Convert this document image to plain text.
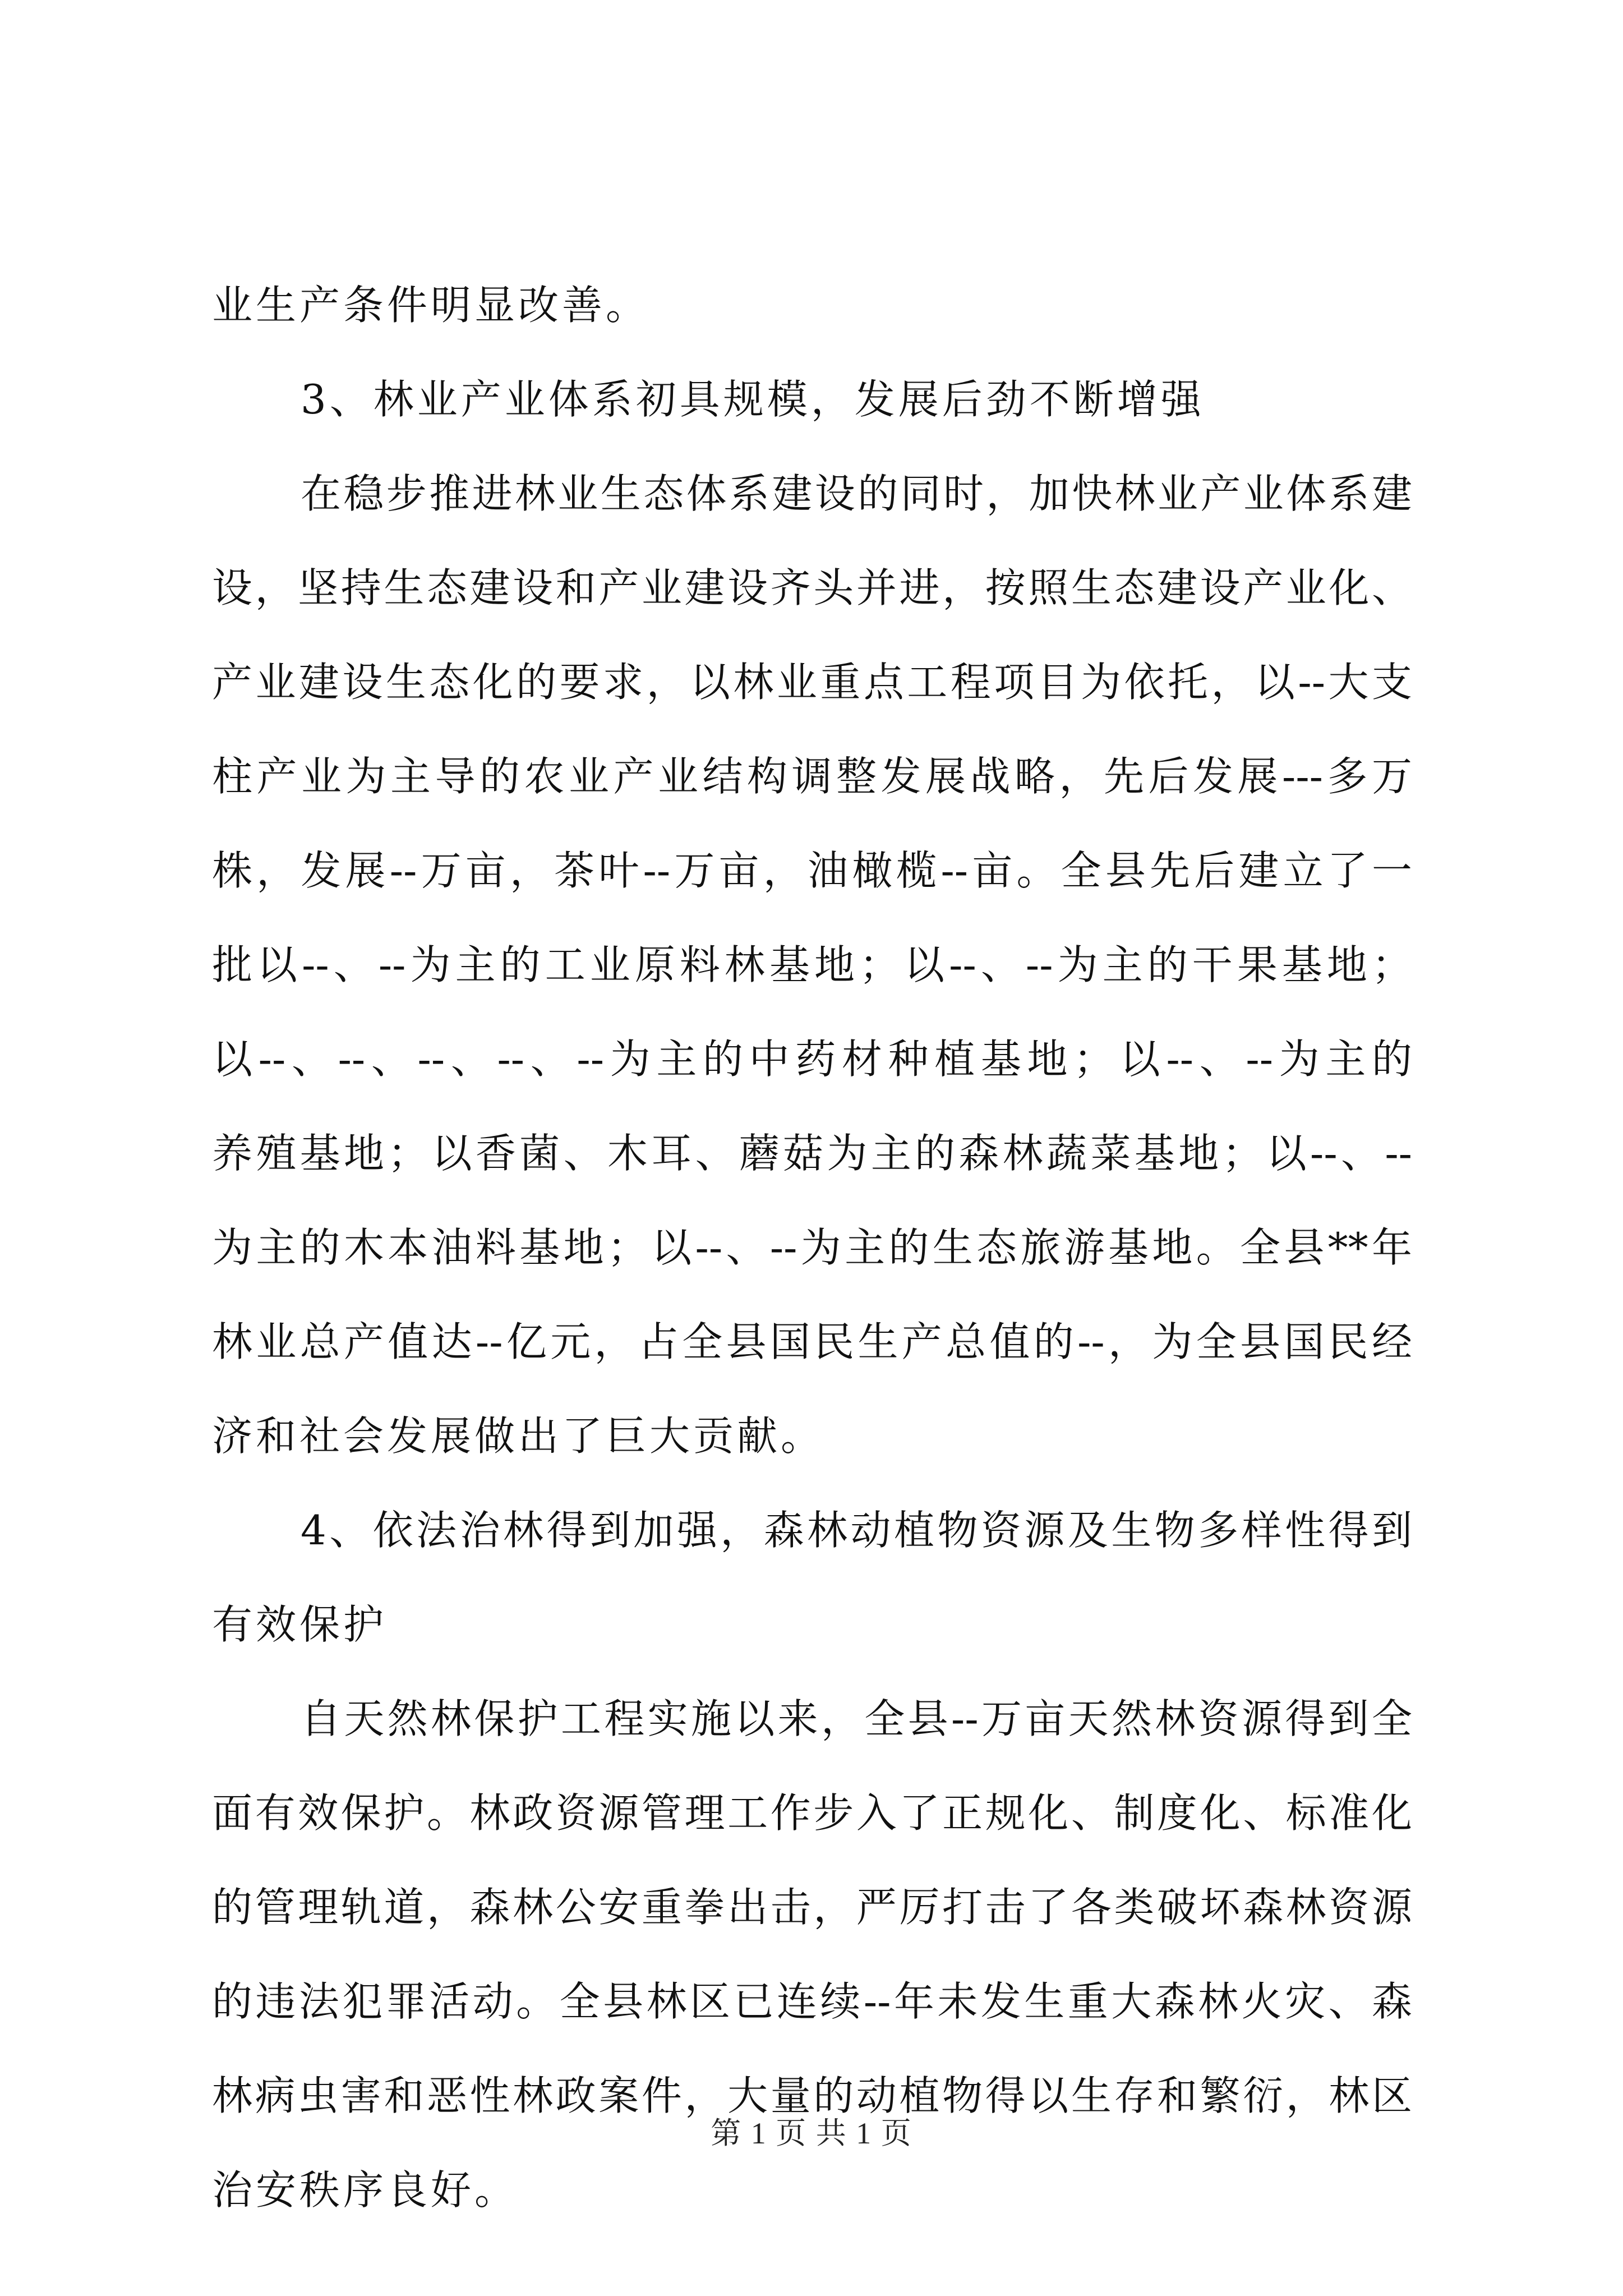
业生产条件明显改善。
3、林业产业体系初具规模，发展后劲不断增强
在稳步推进林业生态体系建设的同时，加快林业产业体系建
设，坚持生态建设和产业建设齐头并进，按照生态建设产业化、
产业建设生态化的要求，以林业重点工程项目为依托，以--大支
柱产业为主导的农业产业结构调整发展战略，先后发展---多万
株，发展--万亩，茶叶--万亩，油橄榄--亩。全县先后建立了一
批以--、--为主的工业原料林基地；以--、--为主的干果基地；
以--、--、--、--、--为主的中药材种植基地；以--、--为主的
养殖基地；以香菌、木耳、蘑菇为主的森林蔬菜基地；以--、--
为主的木本油料基地；以--、--为主的生态旅游基地。全县**年
林业总产值达--亿元，占全县国民生产总值的--，为全县国民经
济和社会发展做出了巨大贡献。
4、依法治林得到加强，森林动植物资源及生物多样性得到
有效保护
自天然林保护工程实施以来，全县--万亩天然林资源得到全
面有效保护。林政资源管理工作步入了正规化、制度化、标准化
的管理轨道，森林公安重拳出击，严厉打击了各类破坏森林资源
的违法犯罪活动。全县林区已连续--年未发生重大森林火灾、森
林病虫害和恶性林政案件，大量的动植物得以生存和繁衍，林区
治安秩序良好。
第 1 页 共 1 页
